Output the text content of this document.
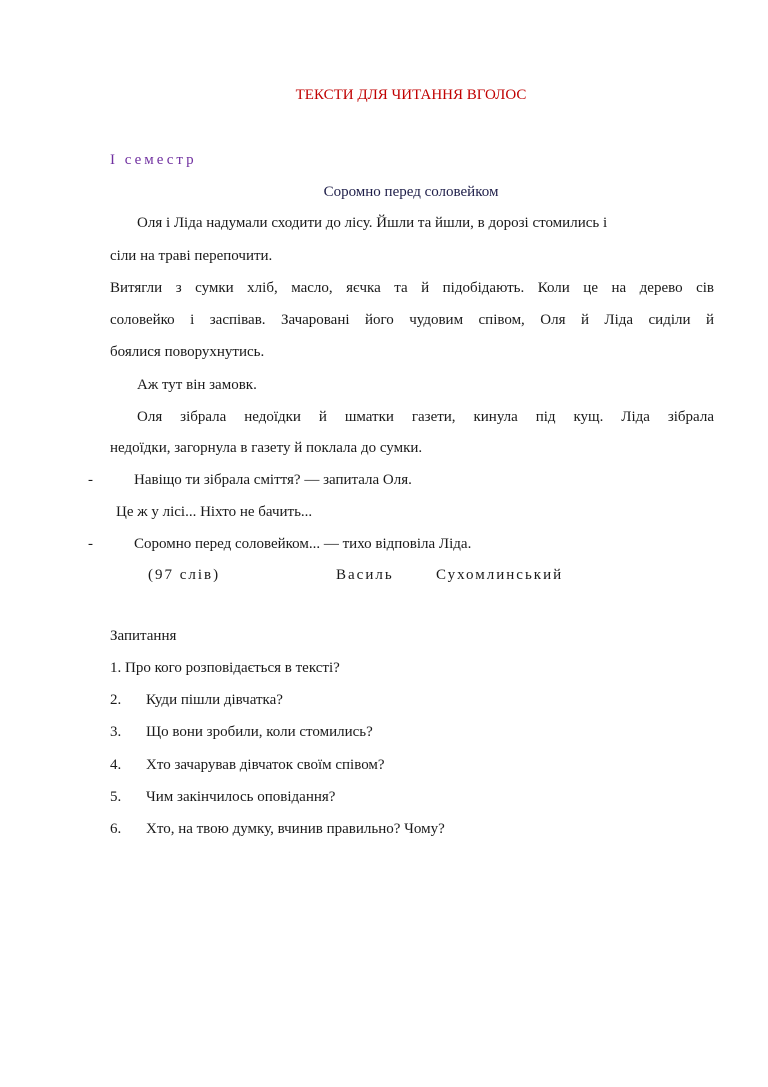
ТЕКСТИ ДЛЯ ЧИТАННЯ ВГОЛОС
І семестр
Соромно перед соловейком
Оля і Ліда надумали сходити до лісу. Йшли та йшли, в дорозі стомились і
сіли на траві перепочити.
Витягли з сумки хліб, масло, яєчка та й підобідають. Коли це на дерево сів
соловейко і заспівав. Зачаровані його чудовим співом, Оля й Ліда сиділи й
боялися поворухнутись.
Аж тут він замовк.
Оля зібрала недоїдки й шматки газети, кинула під кущ. Ліда зібрала
недоїдки, загорнула в газету й поклала до сумки.
-	Навіщо ти зібрала сміття? — запитала Оля.
Це ж у лісі... Ніхто не бачить...
-	Соромно перед соловейком... — тихо відповіла Ліда.
(97 слів)	Василь	Сухомлинський
Запитання
1. Про кого розповідається в тексті?
2. Куди пішли дівчатка?
3. Що вони зробили, коли стомились?
4. Хто зачарував дівчаток своїм співом?
5. Чим закінчилось оповідання?
6. Хто, на твою думку, вчинив правильно? Чому?
